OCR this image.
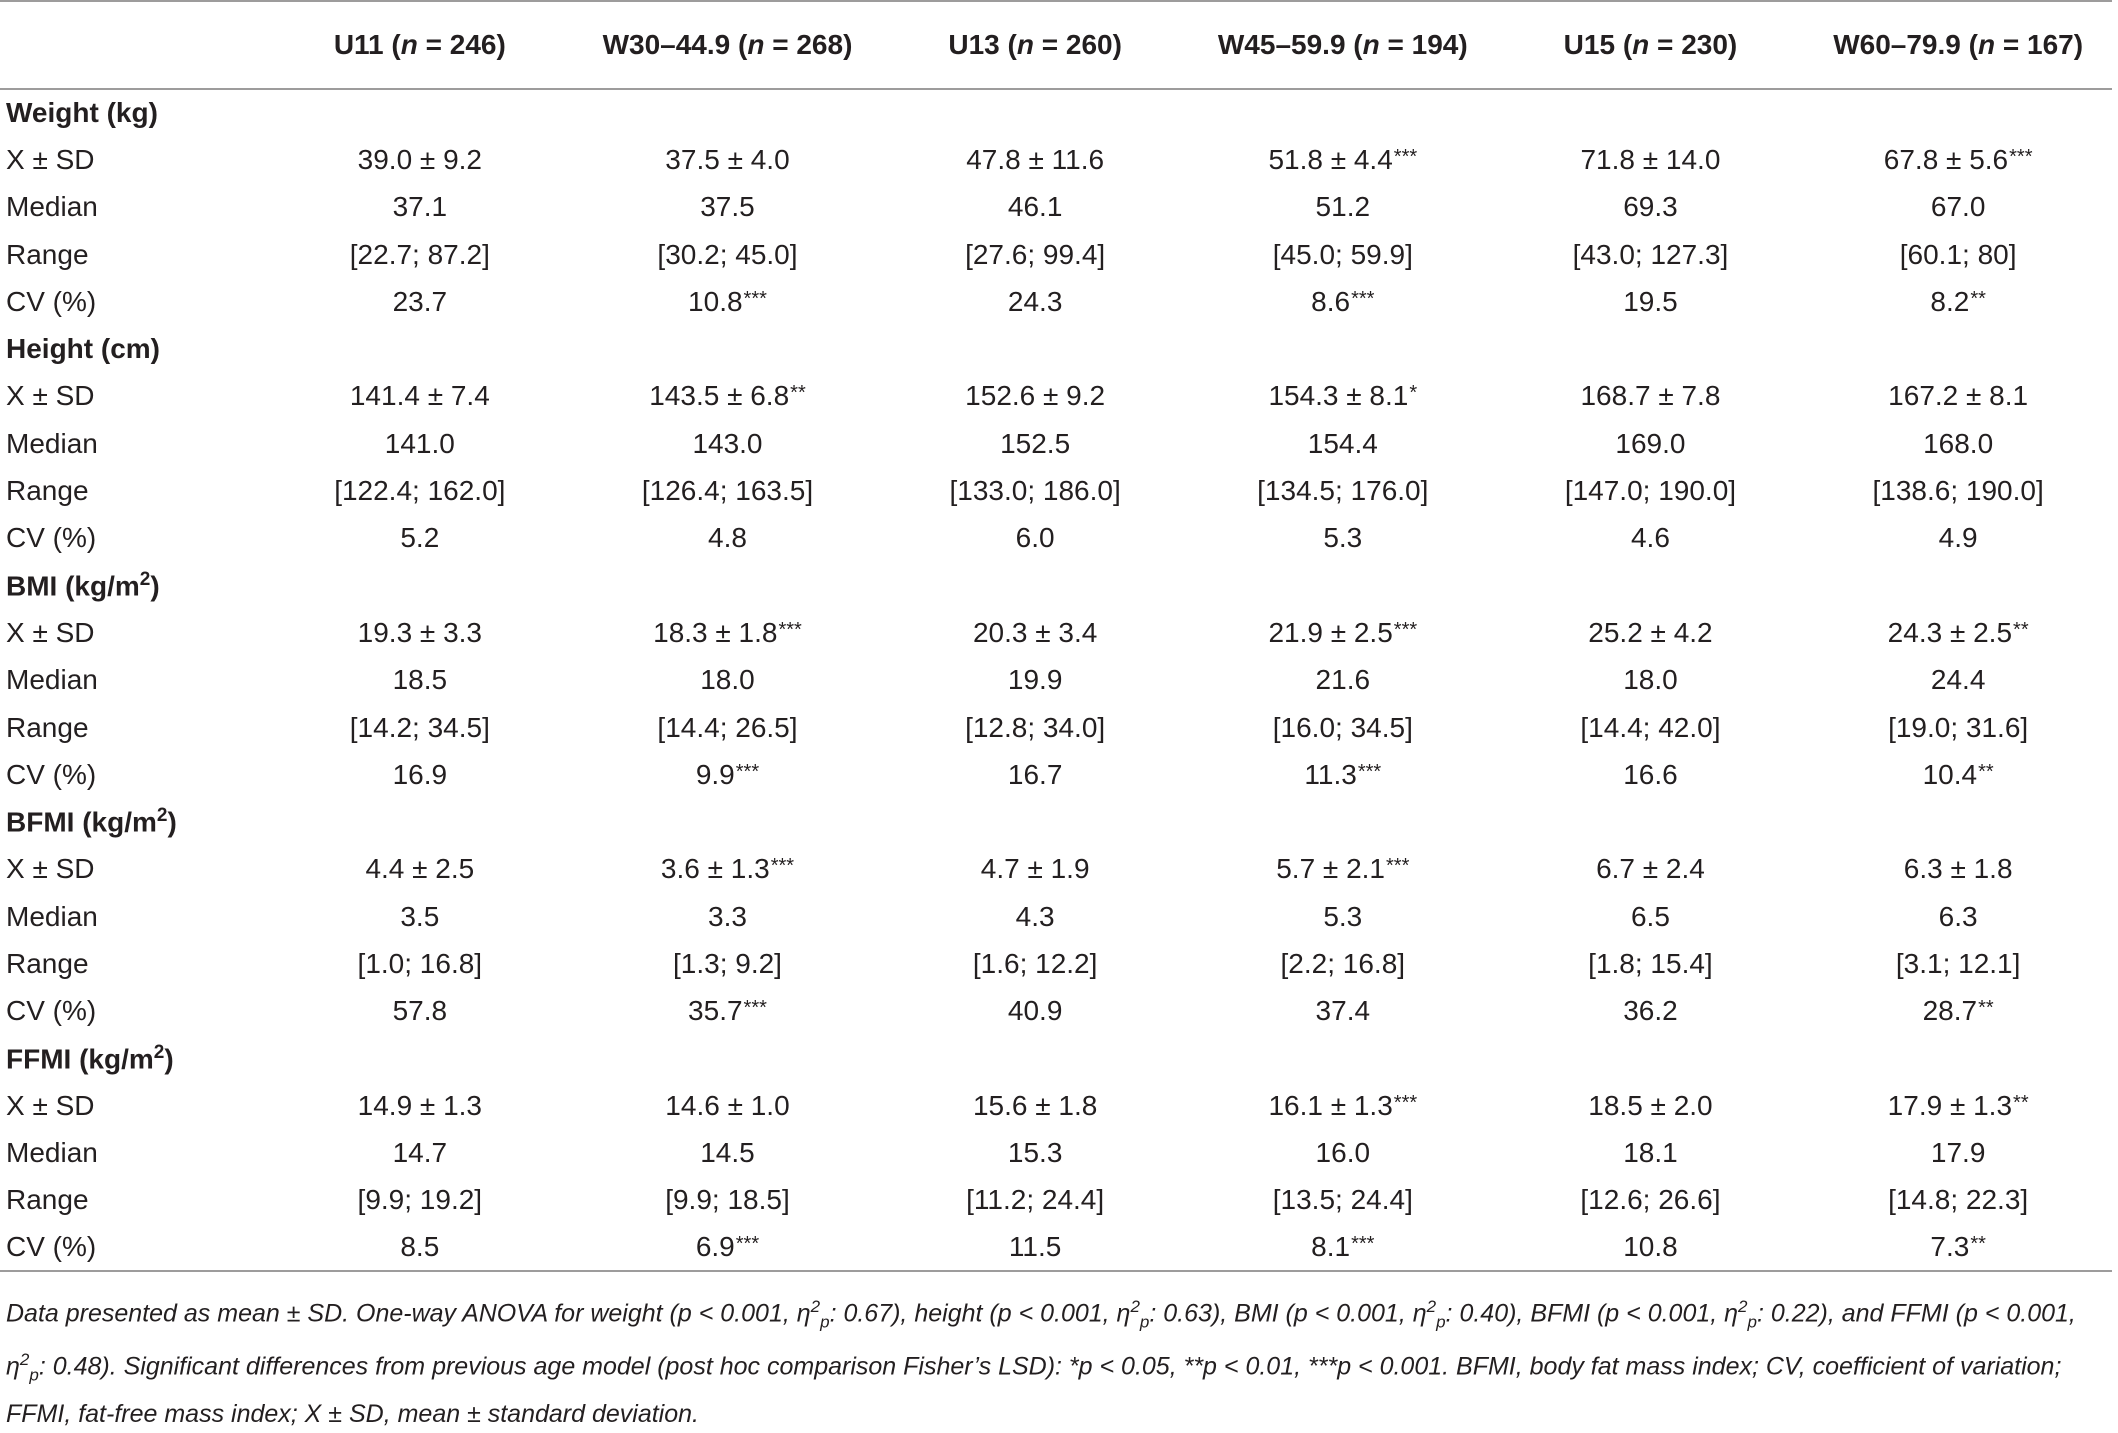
	U11 (n = 246)	W30–44.9 (n = 268)	U13 (n = 260)	W45–59.9 (n = 194)	U15 (n = 230)	W60–79.9 (n = 167)
Weight (kg)						
X ± SD	39.0 ± 9.2	37.5 ± 4.0	47.8 ± 11.6	51.8 ± 4.4***	71.8 ± 14.0	67.8 ± 5.6***
Median	37.1	37.5	46.1	51.2	69.3	67.0
Range	[22.7; 87.2]	[30.2; 45.0]	[27.6; 99.4]	[45.0; 59.9]	[43.0; 127.3]	[60.1; 80]
CV (%)	23.7	10.8***	24.3	8.6***	19.5	8.2**
Height (cm)						
X ± SD	141.4 ± 7.4	143.5 ± 6.8**	152.6 ± 9.2	154.3 ± 8.1*	168.7 ± 7.8	167.2 ± 8.1
Median	141.0	143.0	152.5	154.4	169.0	168.0
Range	[122.4; 162.0]	[126.4; 163.5]	[133.0; 186.0]	[134.5; 176.0]	[147.0; 190.0]	[138.6; 190.0]
CV (%)	5.2	4.8	6.0	5.3	4.6	4.9
BMI $(kg/m^2)$						
X ± SD	19.3 ± 3.3	18.3 ± 1.8***	20.3 ± 3.4	21.9 ± 2.5***	25.2 ± 4.2	24.3 ± 2.5**
Median	18.5	18.0	19.9	21.6	18.0	24.4
Range	[14.2; 34.5]	[14.4; 26.5]	[12.8; 34.0]	[16.0; 34.5]	[14.4; 42.0]	[19.0; 31.6]
CV (%)	16.9	9.9***	16.7	11.3***	16.6	10.4**
BFMI $(kg/m^2)$						
X ± SD	4.4 ± 2.5	3.6 ± 1.3***	4.7 ± 1.9	5.7 ± 2.1***	6.7 ± 2.4	6.3 ± 1.8
Median	3.5	3.3	4.3	5.3	6.5	6.3
Range	[1.0; 16.8]	[1.3; 9.2]	[1.6; 12.2]	[2.2; 16.8]	[1.8; 15.4]	[3.1; 12.1]
CV (%)	57.8	35.7***	40.9	37.4	36.2	28.7**
FFMI $(kg/m^2)$						
X ± SD	14.9 ± 1.3	14.6 ± 1.0	15.6 ± 1.8	16.1 ± 1.3***	18.5 ± 2.0	17.9 ± 1.3**
Median	14.7	14.5	15.3	16.0	18.1	17.9
Range	[9.9; 19.2]	[9.9; 18.5]	[11.2; 24.4]	[13.5; 24.4]	[12.6; 26.6]	[14.8; 22.3]
CV (%)	8.5	6.9***	11.5	8.1***	10.8	7.3**
Data presented as mean ± SD. One-way ANOVA for weight (p < 0.001, $\eta^2_p$: 0.67), height (p < 0.001, $\eta^2_p$: 0.63), BMI (p < 0.001, $\eta^2_p$: 0.40), BFMI (p < 0.001, $\eta^2_p$: 0.22), and FFMI (p < 0.001, $\eta^2_p$: 0.48). Significant differences from previous age model (post hoc comparison Fisher’s LSD): *p < 0.05, **p < 0.01, ***p < 0.001. BFMI, body fat mass index; CV, coefficient of variation; FFMI, fat-free mass index; X ± SD, mean ± standard deviation.
